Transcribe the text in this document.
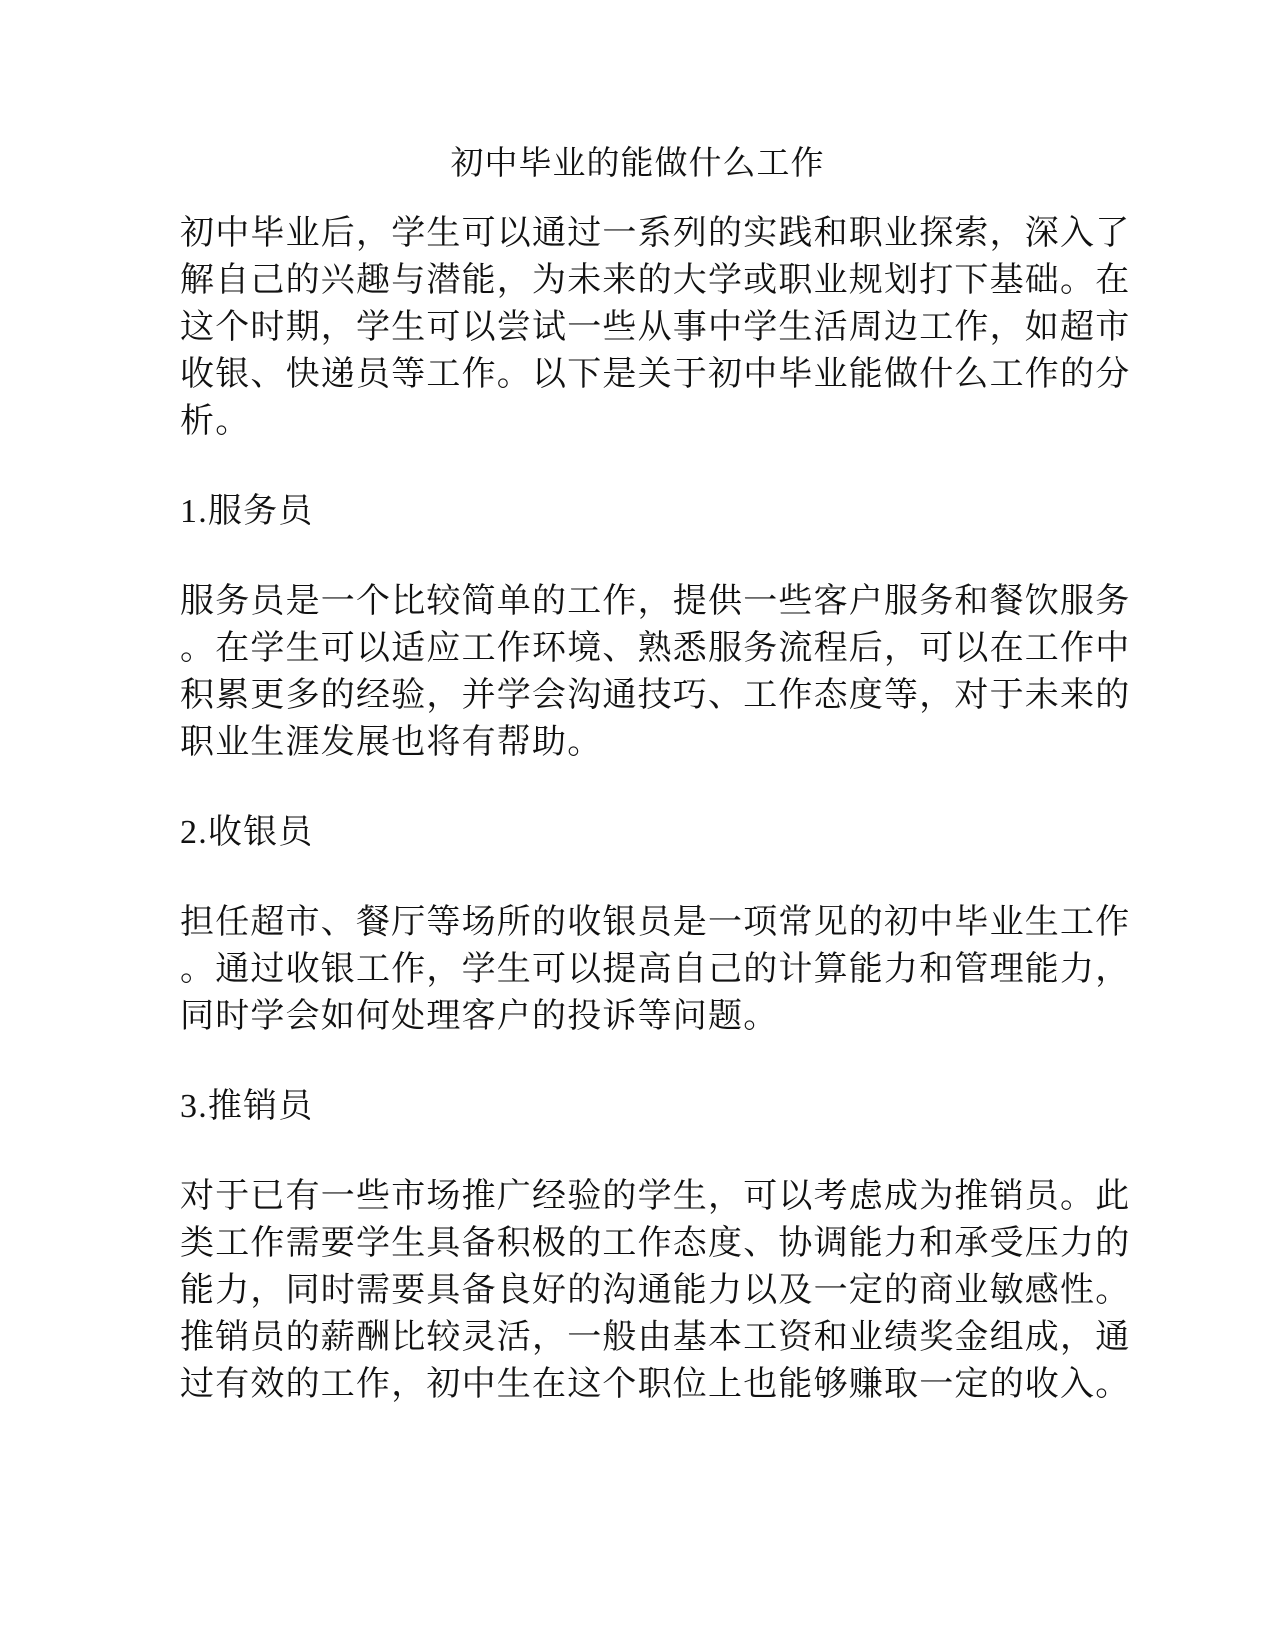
初中毕业的能做什么工作
初中毕业后，学生可以通过一系列的实践和职业探索，深入了
解自己的兴趣与潜能，为未来的大学或职业规划打下基础。在
这个时期，学生可以尝试一些从事中学生活周边工作，如超市
收银、快递员等工作。以下是关于初中毕业能做什么工作的分
析。
1.服务员
服务员是一个比较简单的工作，提供一些客户服务和餐饮服务
。在学生可以适应工作环境、熟悉服务流程后，可以在工作中
积累更多的经验，并学会沟通技巧、工作态度等，对于未来的
职业生涯发展也将有帮助。
2.收银员
担任超市、餐厅等场所的收银员是一项常见的初中毕业生工作
。通过收银工作，学生可以提高自己的计算能力和管理能力，
同时学会如何处理客户的投诉等问题。
3.推销员
对于已有一些市场推广经验的学生，可以考虑成为推销员。此
类工作需要学生具备积极的工作态度、协调能力和承受压力的
能力，同时需要具备良好的沟通能力以及一定的商业敏感性。
推销员的薪酬比较灵活，一般由基本工资和业绩奖金组成，通
过有效的工作，初中生在这个职位上也能够赚取一定的收入。
